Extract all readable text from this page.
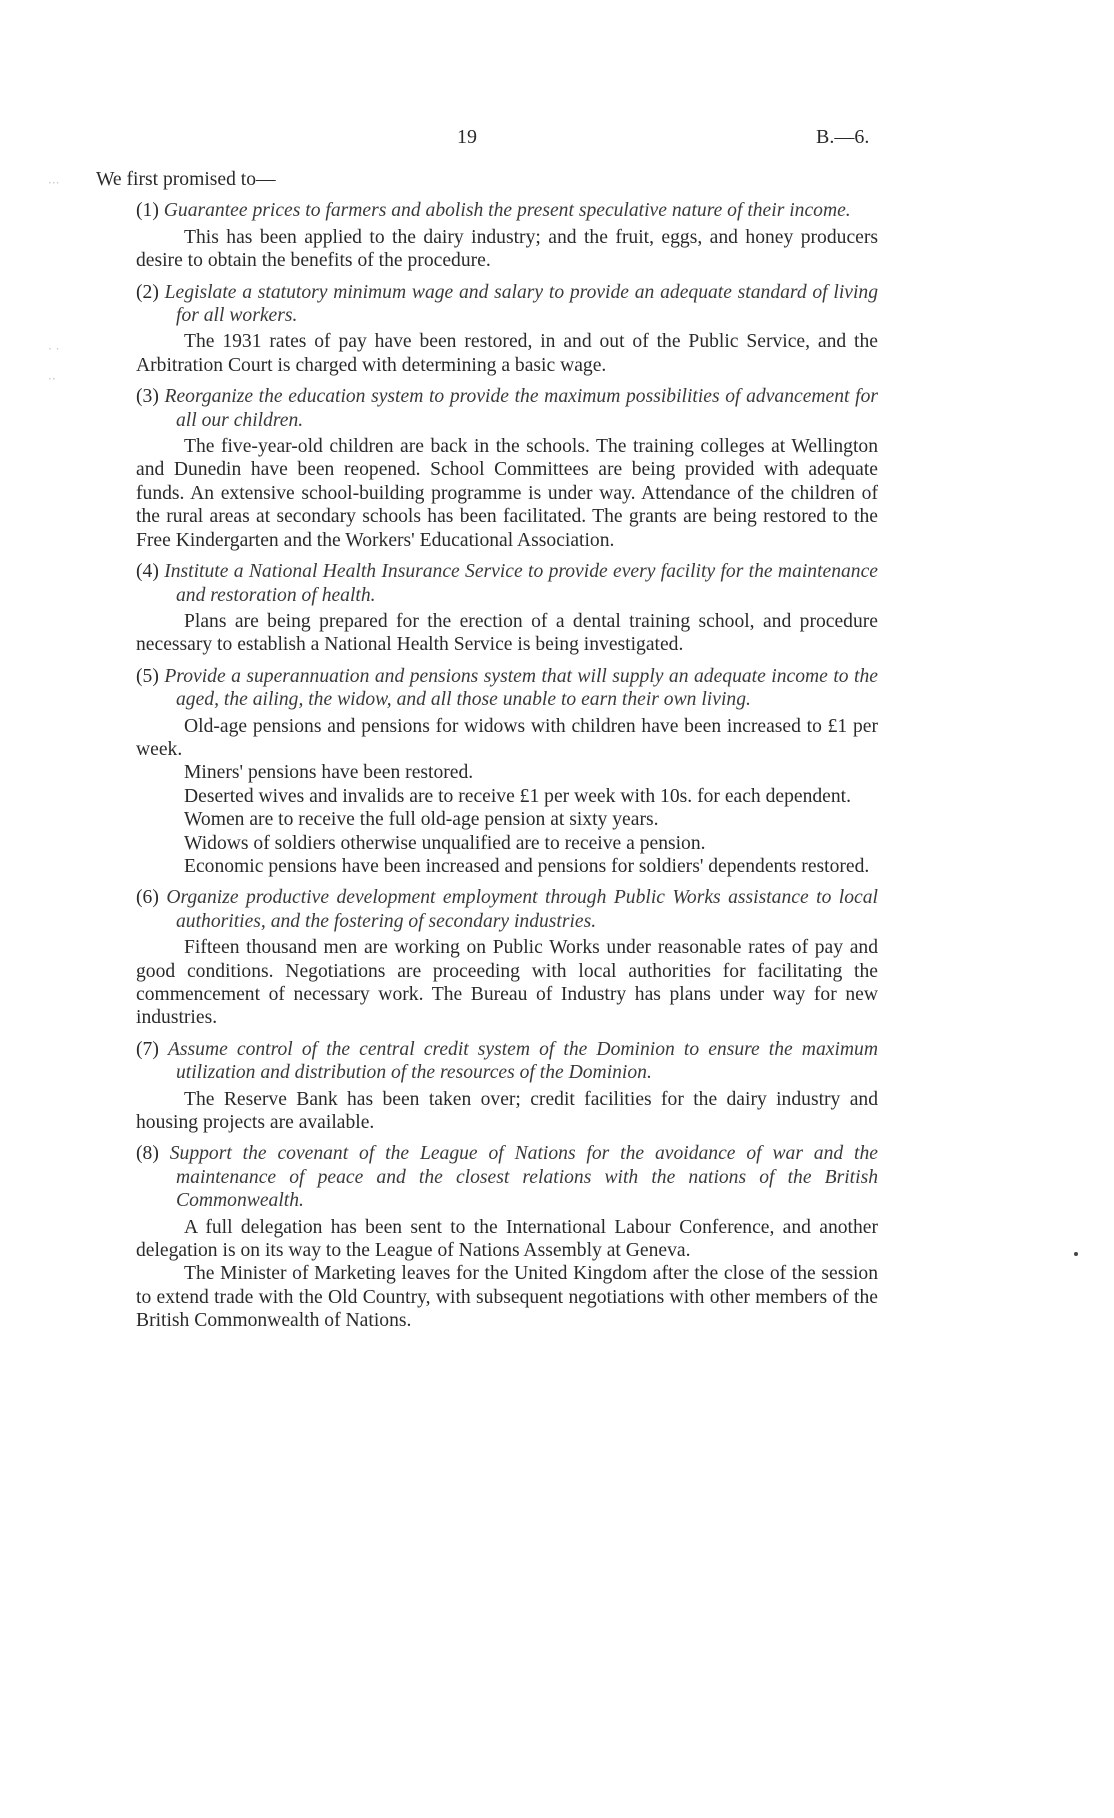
19	B.—6.
···
· ·
··

We first promised to—

(1) Guarantee prices to farmers and abolish the present speculative nature of their income.

This has been applied to the dairy industry; and the fruit, eggs, and honey producers desire to obtain the benefits of the procedure.

(2) Legislate a statutory minimum wage and salary to provide an adequate standard of living for all workers.

The 1931 rates of pay have been restored, in and out of the Public Service, and the Arbitration Court is charged with determining a basic wage.

(3) Reorganize the education system to provide the maximum possibilities of advancement for all our children.

The five-year-old children are back in the schools. The training colleges at Wellington and Dunedin have been reopened. School Committees are being provided with adequate funds. An extensive school-building programme is under way. Attendance of the children of the rural areas at secondary schools has been facilitated. The grants are being restored to the Free Kindergarten and the Workers' Educational Association.

(4) Institute a National Health Insurance Service to provide every facility for the maintenance and restoration of health.

Plans are being prepared for the erection of a dental training school, and procedure necessary to establish a National Health Service is being investigated.

(5) Provide a superannuation and pensions system that will supply an adequate income to the aged, the ailing, the widow, and all those unable to earn their own living.

Old-age pensions and pensions for widows with children have been increased to £1 per week.

Miners' pensions have been restored.

Deserted wives and invalids are to receive £1 per week with 10s. for each dependent.

Women are to receive the full old-age pension at sixty years.

Widows of soldiers otherwise unqualified are to receive a pension.

Economic pensions have been increased and pensions for soldiers' dependents restored.

(6) Organize productive development employment through Public Works assistance to local authorities, and the fostering of secondary industries.

Fifteen thousand men are working on Public Works under reasonable rates of pay and good conditions. Negotiations are proceeding with local authorities for facilitating the commencement of necessary work. The Bureau of Industry has plans under way for new industries.

(7) Assume control of the central credit system of the Dominion to ensure the maximum utilization and distribution of the resources of the Dominion.

The Reserve Bank has been taken over; credit facilities for the dairy industry and housing projects are available.

(8) Support the covenant of the League of Nations for the avoidance of war and the maintenance of peace and the closest relations with the nations of the British Commonwealth.

A full delegation has been sent to the International Labour Conference, and another delegation is on its way to the League of Nations Assembly at Geneva.

The Minister of Marketing leaves for the United Kingdom after the close of the session to extend trade with the Old Country, with subsequent negotiations with other members of the British Commonwealth of Nations.
